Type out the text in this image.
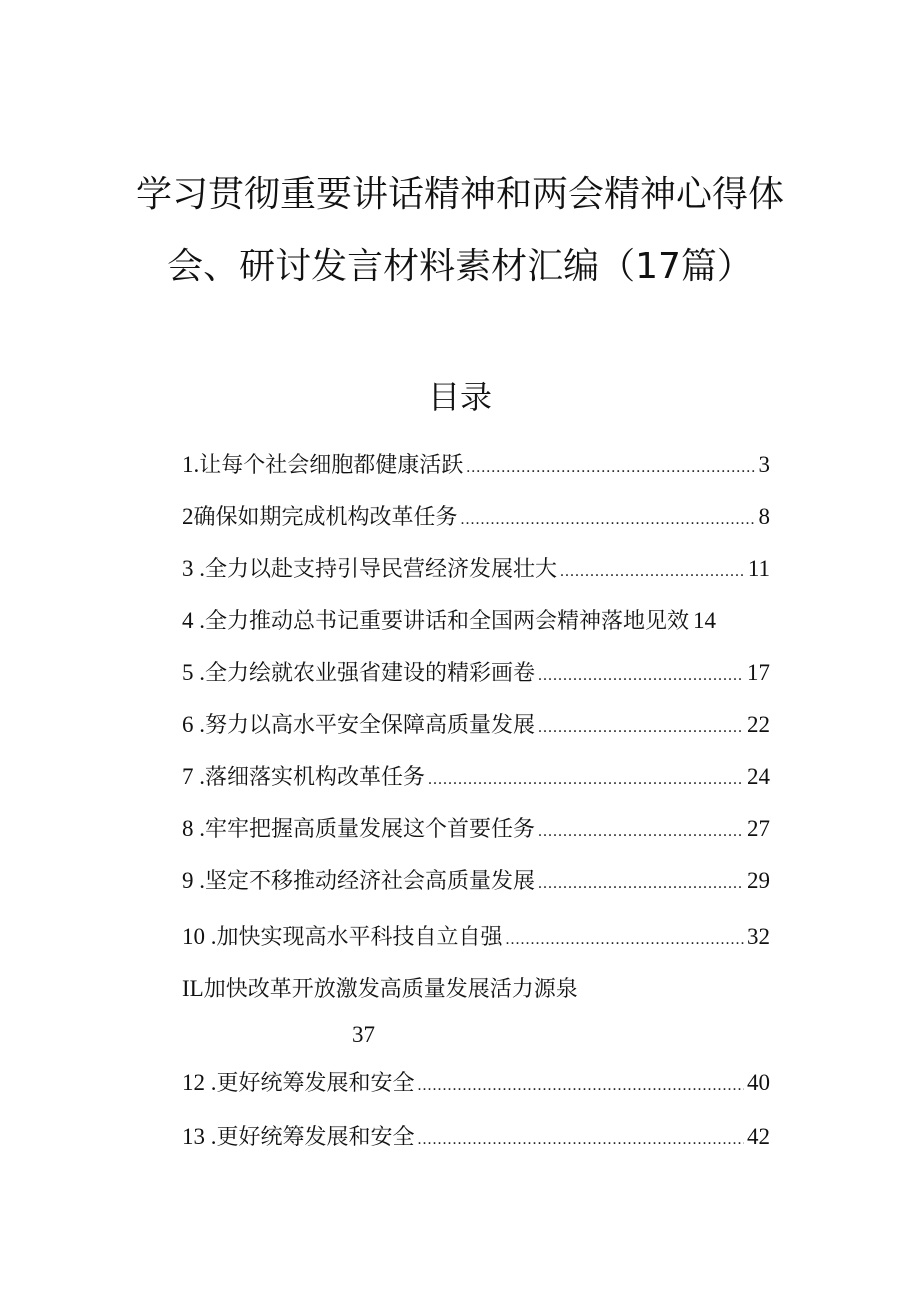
学习贯彻重要讲话精神和两会精神心得体
会、研讨发言材料素材汇编（17篇）
目录
1. 让每个社会细胞都健康活跃 .....	3
2 确保如期完成机构改革任务 .....	8
3 . 全力以赴支持引导民营经济发展壮大 .....	11
4 . 全力推动总书记重要讲话和全国两会精神落地见效 14
5 . 全力绘就农业强省建设的精彩画卷 .....	17
6 . 努力以高水平安全保障高质量发展 .....	22
7 . 落细落实机构改革任务 .....	24
8 . 牢牢把握高质量发展这个首要任务 .....	27
9 . 坚定不移推动经济社会高质量发展 .....	29
10 . 加快实现高水平科技自立自强 .....	32
IL 加快改革开放激发高质量发展活力源泉
37
12 . 更好统筹发展和安全 .....	40
13 . 更好统筹发展和安全 .....	42
